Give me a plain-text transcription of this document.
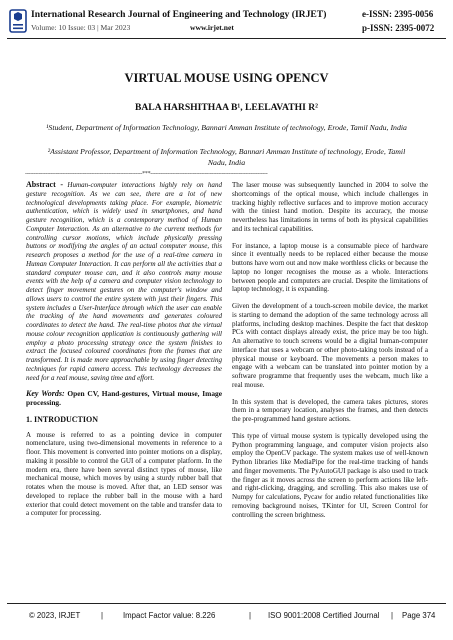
International Research Journal of Engineering and Technology (IRJET)	e-ISSN: 2395-0056
Volume: 10 Issue: 03 | Mar 2023	www.irjet.net	p-ISSN: 2395-0072
VIRTUAL MOUSE USING OPENCV
BALA HARSHITHAA B¹, LEELAVATHI R²
¹Student, Department of Information Technology, Bannari Amman Institute of technology, Erode, Tamil Nadu, India
²Assistant Professor, Department of Information Technology, Bannari Amman Institute of technology, Erode, Tamil Nadu, India
---------------------------------------------------------------------***---------------------------------------------------------------------

Abstract - Human-computer interactions highly rely on hand gesture recognition. As we can see, there are a lot of new technological developments taking place. For example, biometric authentication, which is widely used in smartphones, and hand gesture recognition, which is a contemporary method of Human Computer Interaction. As an alternative to the current methods for controlling cursor motions, which include physically pressing buttons or modifying the angles of an actual computer mouse, this research proposes a method for the use of a real-time camera in Human Computer Interaction. It can perform all the activities that a standard computer mouse can, and it also controls many mouse events with the help of a camera and computer vision technology to detect finger movement gestures on the computer's window and allows users to control the entire system with just their fingers. This system includes a User-Interface through which the user can enable the tracking of the hand movements and generates coloured coordinates to detect the hand. The real-time photos that the virtual mouse colour recognition application is continuously gathering will employ a photo processing strategy once the system finishes to extract the focused coloured coordinates from the frames that are transformed. It is made more approachable by using finger detecting techniques for rapid camera access. This technology decreases the need for a real mouse, saving time and effort.

Key Words: Open CV, Hand-gestures, Virtual mouse, Image processing.

1. INTRODUCTION

A mouse is referred to as a pointing device in computer nomenclature, using two-dimensional movements in reference to a floor. This movement is converted into pointer motions on a display, making it possible to control the GUI of a computer platform. In the modern era, there have been several distinct types of mouse, like mechanical mouse, which moves by using a sturdy rubber ball that rotates when the mouse is moved. After that, an LED sensor was developed to replace the rubber ball in the mouse with a hard exterior that could detect movement on the table and transfer data to a computer for processing.

The laser mouse was subsequently launched in 2004 to solve the shortcomings of the optical mouse, which include challenges in tracking highly reflective surfaces and to improve motion accuracy with the tiniest hand motion. Despite its accuracy, the mouse nevertheless has limitations in terms of both its physical capabilities and its technical capabilities.

For instance, a laptop mouse is a consumable piece of hardware since it eventually needs to be replaced either because the mouse buttons have worn out and now make worthless clicks or because the laptop no longer recognises the mouse as a whole. Interactions between people and computers are crucial. Despite the limitations of laptop technology, it is expanding.

Given the development of a touch-screen mobile device, the market is starting to demand the adoption of the same technology across all platforms, including desktop machines. Despite the fact that desktop PCs with contact displays already exist, the price may be too high. An alternative to touch screens would be a digital human-computer interface that uses a webcam or other photo-taking tools instead of a physical mouse or keyboard. The movements a person makes to engage with a webcam can be translated into pointer motion by a software programme that frequently uses the webcam, much like a real mouse.

In this system that is developed, the camera takes pictures, stores them in a temporary location, analyses the frames, and then detects the pre-programmed hand gesture actions.

This type of virtual mouse system is typically developed using the Python programming language, and computer vision projects also employ the OpenCV package. The system makes use of well-known Python libraries like MediaPipe for the real-time tracking of hands and finger movements. The PyAutoGUI package is also used to track the finger as it moves across the screen to perform actions like left- and right-clicking, dragging, and scrolling. This also makes use of Numpy for calculations, Pycaw for audio related functionalities like removing background noises, TKinter for UI, Screen Control for controlling the screen brightness.

© 2023, IRJET	|	Impact Factor value: 8.226	| ISO 9001:2008 Certified Journal | Page 374
